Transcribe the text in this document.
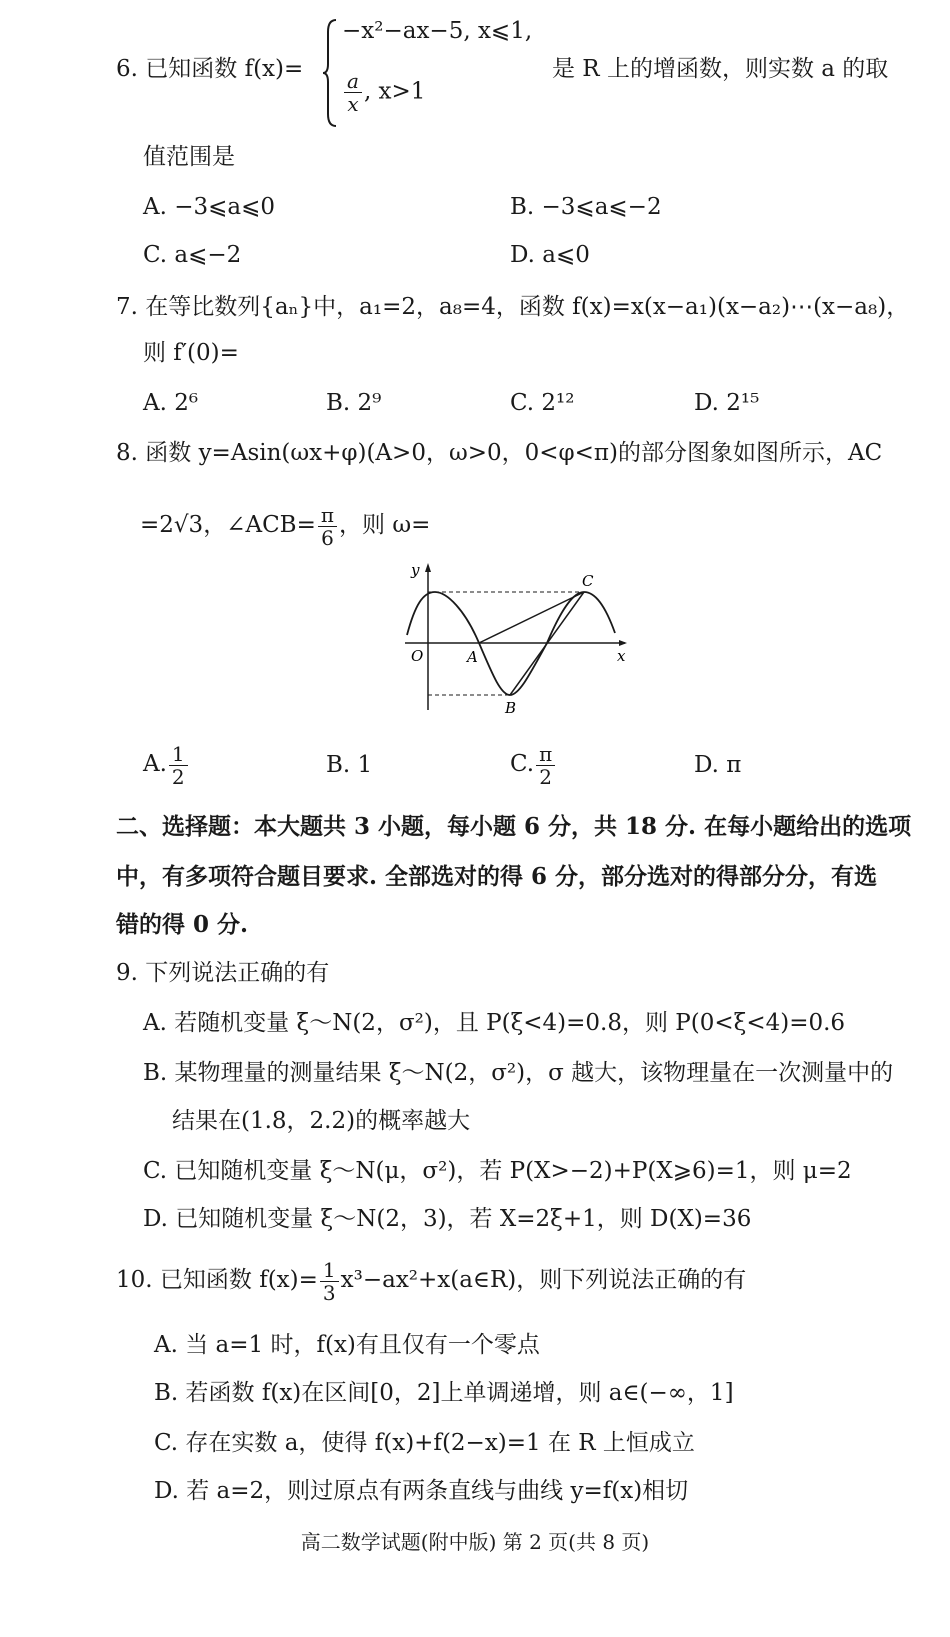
6. 已知函数 f(x)=
−x²−ax−5, x⩽1,
$\frac{a}{x}$ , x>1
是 R 上的增函数，则实数 a 的取
值范围是
A. −3⩽a⩽0	B. −3⩽a⩽−2
C. a⩽−2	D. a⩽0
7. 在等比数列{aₙ}中，a₁=2，a₈=4，函数 f(x)=x(x−a₁)(x−a₂)⋯(x−a₈)，
则 f′(0)=
A. 2⁶	B. 2⁹	C. 2¹²	D. 2¹⁵
8. 函数 y=Asin(ωx+φ)(A>0，ω>0，0<φ<π)的部分图象如图所示，AC
=2√3，∠ACB= $\frac{\pi}{6}$ ，则 ω=
y
x
O	A
B
C
A. $\frac{1}{2}$	B. 1	C. $\frac{\pi}{2}$	D. π
二、选择题：本大题共 3 小题，每小题 6 分，共 18 分. 在每小题给出的选项
中，有多项符合题目要求. 全部选对的得 6 分，部分选对的得部分分，有选
错的得 0 分.
9. 下列说法正确的有
A. 若随机变量 ξ～N(2，σ²)，且 P(ξ<4)=0.8，则 P(0<ξ<4)=0.6
B. 某物理量的测量结果 ξ～N(2，σ²)，σ 越大，该物理量在一次测量中的
结果在(1.8，2.2)的概率越大
C. 已知随机变量 ξ～N(μ，σ²)，若 P(X>−2)+P(X⩾6)=1，则 μ=2
D. 已知随机变量 ξ～N(2，3)，若 X=2ξ+1，则 D(X)=36
10. 已知函数 $f(x)= \frac{1}{3}$ x³−ax²+x(a∈R)，则下列说法正确的有
A. 当 a=1 时，f(x)有且仅有一个零点
B. 若函数 f(x)在区间[0，2]上单调递增，则 a∈(−∞，1]
C. 存在实数 a，使得 f(x)+f(2−x)=1 在 R 上恒成立
D. 若 a=2，则过原点有两条直线与曲线 y=f(x)相切
高二数学试题(附中版) 第 2 页(共 8 页)
